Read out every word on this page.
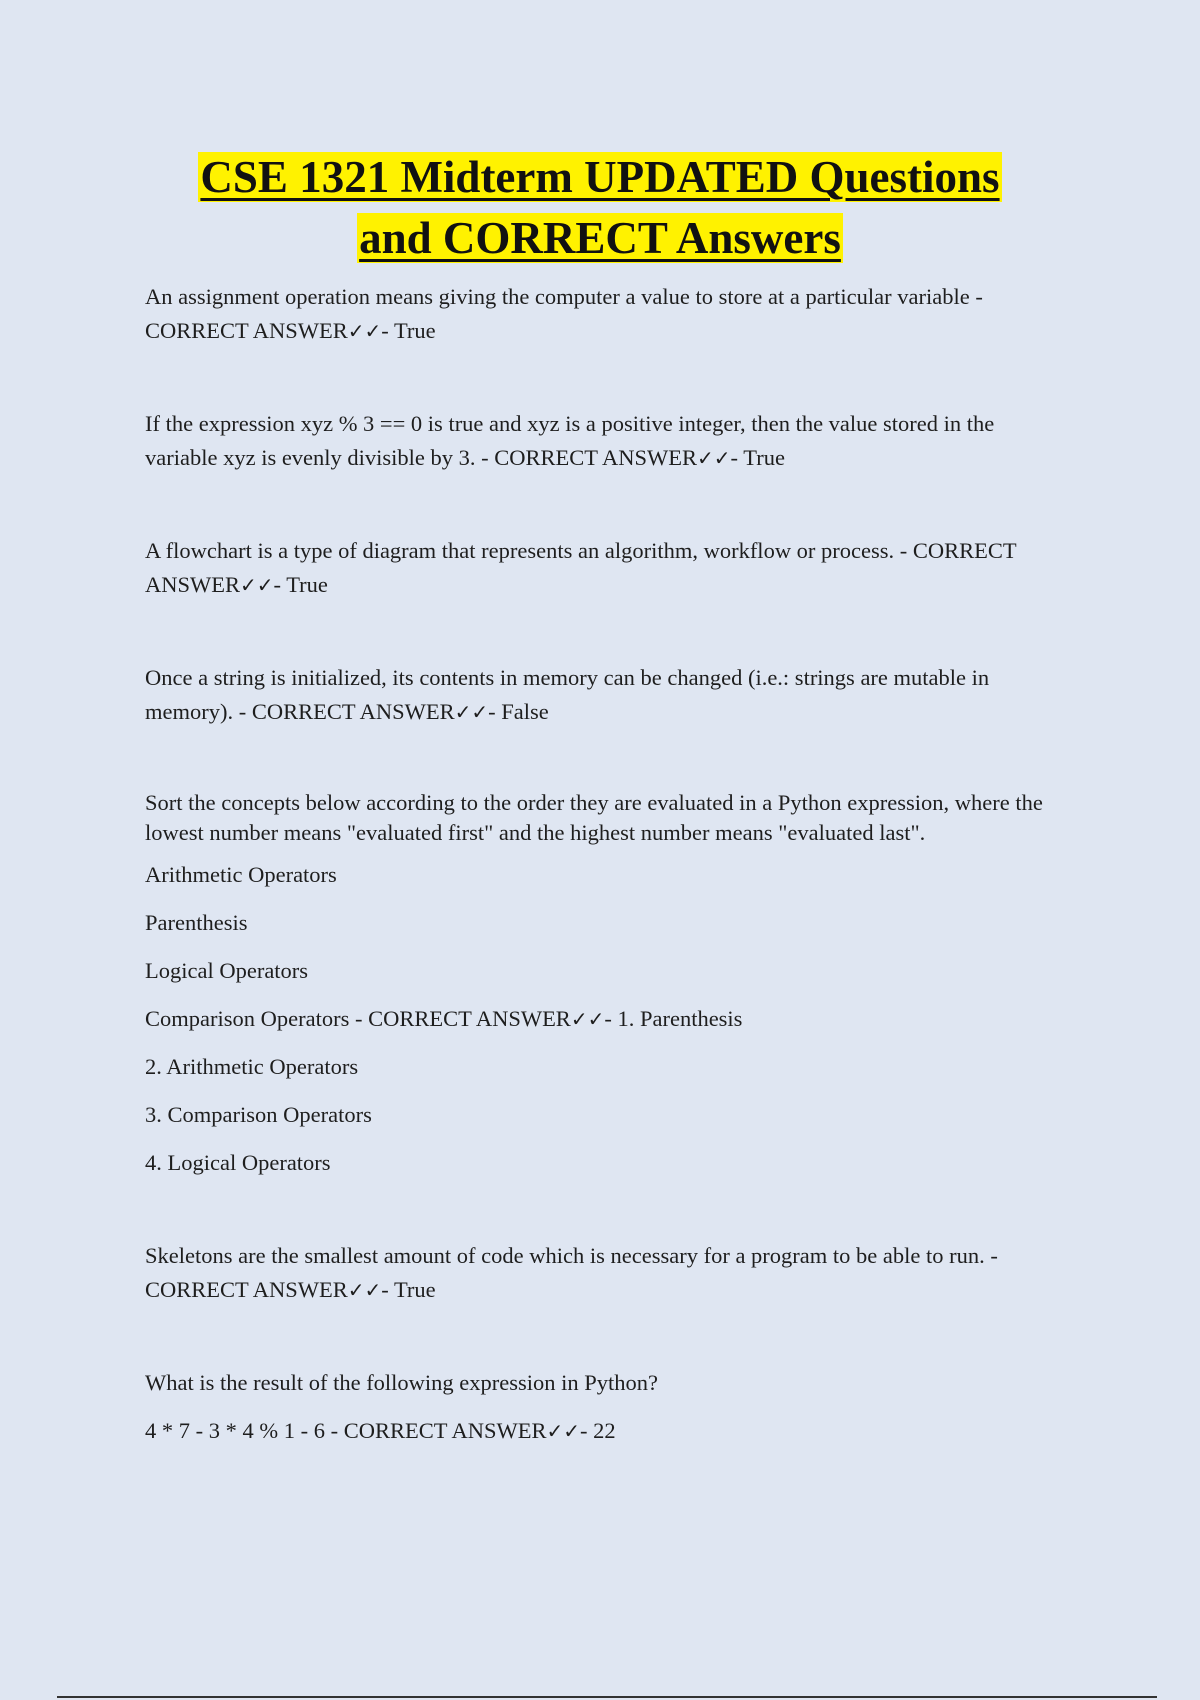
CSE 1321 Midterm UPDATED Questions
and CORRECT Answers

An assignment operation means giving the computer a value to store at a particular variable - CORRECT ANSWER✓✓- True

If the expression xyz % 3 == 0 is true and xyz is a positive integer, then the value stored in the variable xyz is evenly divisible by 3. - CORRECT ANSWER✓✓- True

A flowchart is a type of diagram that represents an algorithm, workflow or process. - CORRECT ANSWER✓✓- True

Once a string is initialized, its contents in memory can be changed (i.e.: strings are mutable in memory). - CORRECT ANSWER✓✓- False

Sort the concepts below according to the order they are evaluated in a Python expression, where the lowest number means "evaluated first" and the highest number means "evaluated last".

Arithmetic Operators

Parenthesis

Logical Operators

Comparison Operators - CORRECT ANSWER✓✓- 1. Parenthesis

2. Arithmetic Operators

3. Comparison Operators

4. Logical Operators

Skeletons are the smallest amount of code which is necessary for a program to be able to run. - CORRECT ANSWER✓✓- True

What is the result of the following expression in Python?

4 * 7 - 3 * 4 % 1 - 6 - CORRECT ANSWER✓✓- 22
